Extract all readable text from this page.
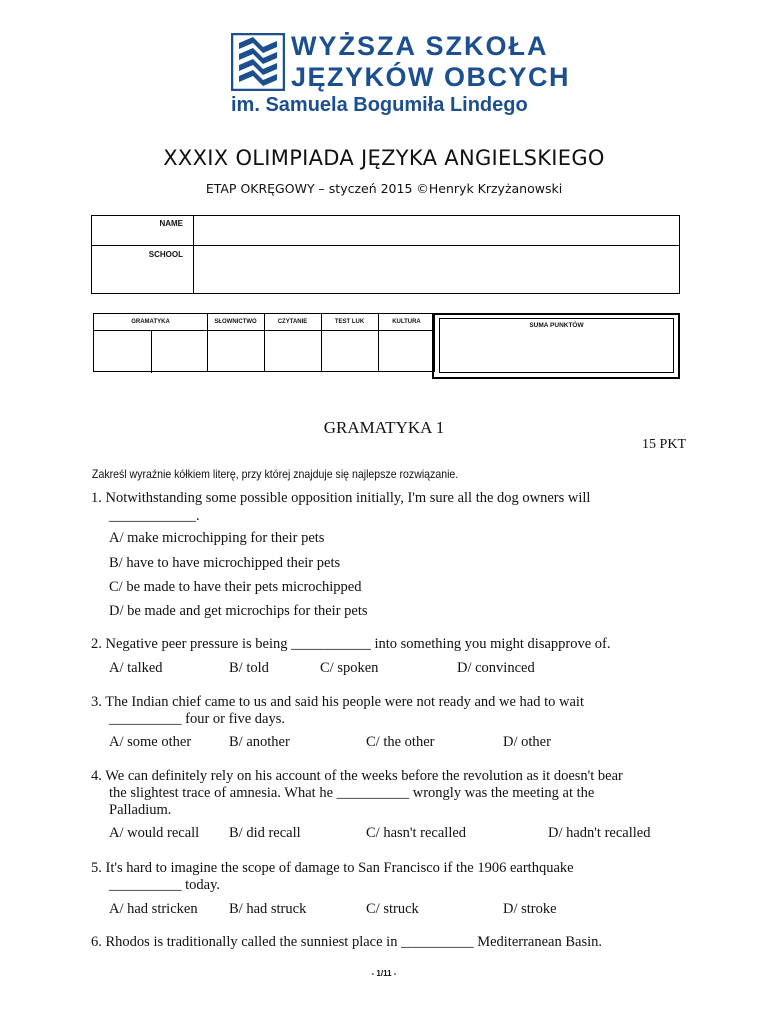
WYŻSZA SZKOŁA
JĘZYKÓW OBCYCH
im. Samuela Bogumiła Lindego
XXXIX OLIMPIADA JĘZYKA ANGIELSKIEGO
ETAP OKRĘGOWY – styczeń 2015 ©Henryk Krzyżanowski
NAME
SCHOOL
GRAMATYKA	SŁOWNICTWO	CZYTANIE	TEST LUK	KULTURA	SUMA PUNKTÓW
GRAMATYKA 1
15 PKT
Zakreśl wyraźnie kółkiem literę, przy której znajduje się najlepsze rozwiązanie.
1. Notwithstanding some possible opposition initially, I'm sure all the dog owners will
____________.
A/ make microchipping for their pets
B/ have to have microchipped their pets
C/ be made to have their pets microchipped
D/ be made and get microchips for their pets
2. Negative peer pressure is being ___________ into something you might disapprove of.
A/ talked	B/ told	C/ spoken	D/ convinced
3. The Indian chief came to us and said his people were not ready and we had to wait
__________ four or five days.
A/ some other	B/ another	C/ the other	D/ other
4. We can definitely rely on his account of the weeks before the revolution as it doesn't bear
the slightest trace of amnesia. What he __________ wrongly was the meeting at the
Palladium.
A/ would recall B/ did recall	C/ hasn't recalled	D/ hadn't recalled
5. It's hard to imagine the scope of damage to San Francisco if the 1906 earthquake
__________ today.
A/ had stricken B/ had struck	C/ struck	D/ stroke
6. Rhodos is traditionally called the sunniest place in __________ Mediterranean Basin.
- 1/11 -
